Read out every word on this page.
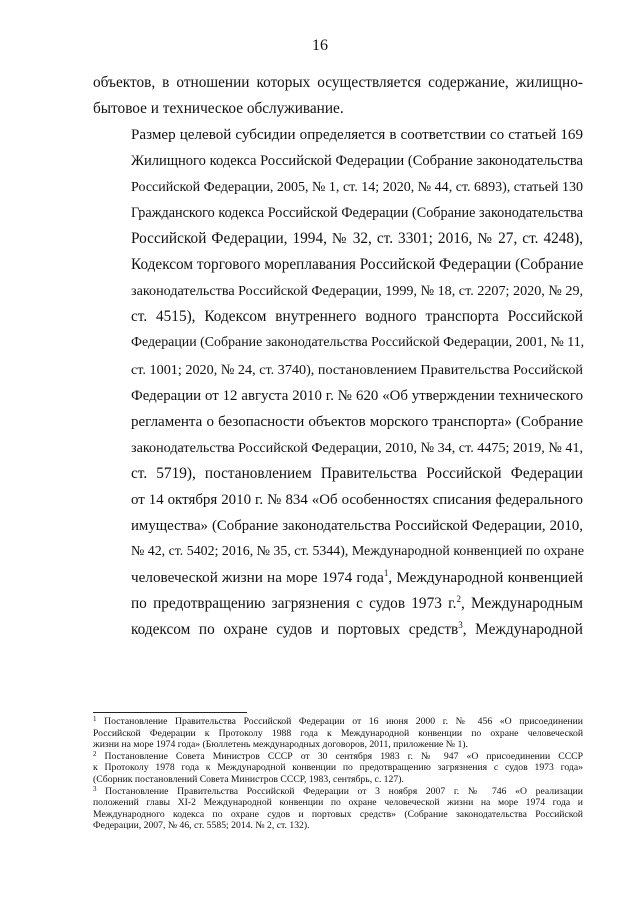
16

объектов, в отношении которых осуществляется содержание, жилищно-
бытовое и техническое обслуживание.

Размер целевой субсидии определяется в соответствии со статьей 169
Жилищного кодекса Российской Федерации (Собрание законодательства
Российской Федерации, 2005, № 1, ст. 14; 2020, № 44, ст. 6893), статьей 130
Гражданского кодекса Российской Федерации (Собрание законодательства
Российской Федерации, 1994, № 32, ст. 3301; 2016, № 27, ст. 4248),
Кодексом торгового мореплавания Российской Федерации (Собрание
законодательства Российской Федерации, 1999, № 18, ст. 2207; 2020, № 29,
ст. 4515), Кодексом внутреннего водного транспорта Российской
Федерации (Собрание законодательства Российской Федерации, 2001, № 11,
ст. 1001; 2020, № 24, ст. 3740), постановлением Правительства Российской
Федерации от 12 августа 2010 г. № 620 «Об утверждении технического
регламента о безопасности объектов морского транспорта» (Собрание
законодательства Российской Федерации, 2010, № 34, ст. 4475; 2019, № 41,
ст. 5719), постановлением Правительства Российской Федерации
от 14 октября 2010 г. № 834 «Об особенностях списания федерального
имущества» (Собрание законодательства Российской Федерации, 2010,
№ 42, ст. 5402; 2016, № 35, ст. 5344), Международной конвенцией по охране
человеческой жизни на море 1974 года$^1$, Международной конвенцией
по предотвращению загрязнения с судов 1973 г.$^2$, Международным
кодексом по охране судов и портовых средств$^3$, Международной

$^1$ Постановление Правительства Российской Федерации от 16 июня 2000 г. № 456 «О присоединении
Российской Федерации к Протоколу 1988 года к Международной конвенции по охране человеческой
жизни на море 1974 года» (Бюллетень международных договоров, 2011, приложение № 1).

$^2$ Постановление Совета Министров СССР от 30 сентября 1983 г. № 947 «О присоединении СССР
к Протоколу 1978 года к Международной конвенции по предотвращению загрязнения с судов 1973 года»
(Сборник постановлений Совета Министров СССР, 1983, сентябрь, с. 127).

$^3$ Постановление Правительства Российской Федерации от 3 ноября 2007 г. № 746 «О реализации
положений главы XI-2 Международной конвенции по охране человеческой жизни на море 1974 года и
Международного кодекса по охране судов и портовых средств» (Собрание законодательства Российской
Федерации, 2007, № 46, ст. 5585; 2014. № 2, ст. 132).
